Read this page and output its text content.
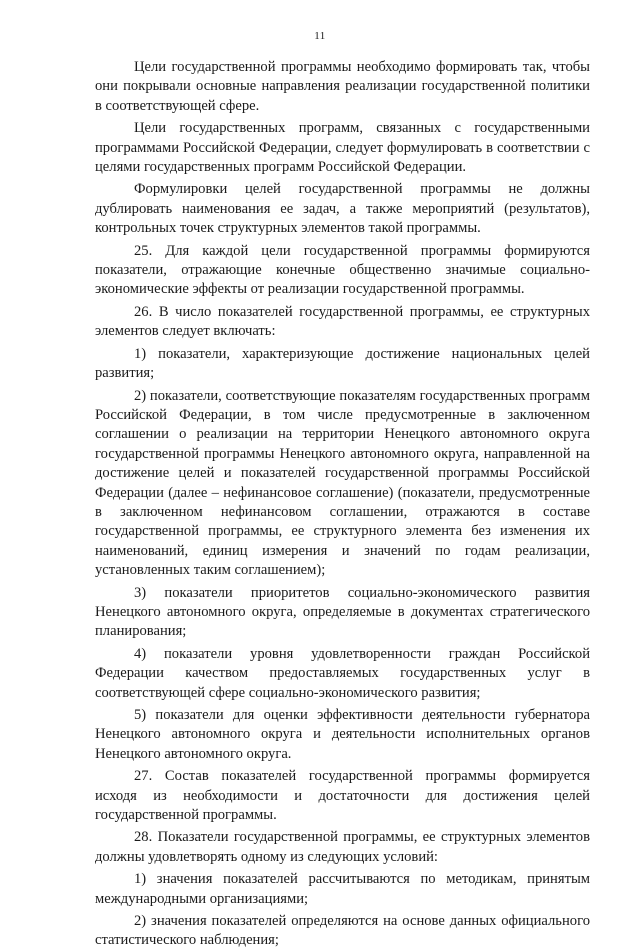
11

Цели государственной программы необходимо формировать так, чтобы они покрывали основные направления реализации государственной политики в соответствующей сфере.

Цели государственных программ, связанных с государственными программами Российской Федерации, следует формулировать в соответствии с целями государственных программ Российской Федерации.

Формулировки целей государственной программы не должны дублировать наименования ее задач, а также мероприятий (результатов), контрольных точек структурных элементов такой программы.

25. Для каждой цели государственной программы формируются показатели, отражающие конечные общественно значимые социально-экономические эффекты от реализации государственной программы.

26. В число показателей государственной программы, ее структурных элементов следует включать:

1) показатели, характеризующие достижение национальных целей развития;

2) показатели, соответствующие показателям государственных программ Российской Федерации, в том числе предусмотренные в заключенном соглашении о реализации на территории Ненецкого автономного округа государственной программы Ненецкого автономного округа, направленной на достижение целей и показателей государственной программы Российской Федерации (далее – нефинансовое соглашение) (показатели, предусмотренные в заключенном нефинансовом соглашении, отражаются в составе государственной программы, ее структурного элемента без изменения их наименований, единиц измерения и значений по годам реализации, установленных таким соглашением);

3) показатели приоритетов социально-экономического развития Ненецкого автономного округа, определяемые в документах стратегического планирования;

4) показатели уровня удовлетворенности граждан Российской Федерации качеством предоставляемых государственных услуг в соответствующей сфере социально-экономического развития;

5) показатели для оценки эффективности деятельности губернатора Ненецкого автономного округа и деятельности исполнительных органов Ненецкого автономного округа.

27. Состав показателей государственной программы формируется исходя из необходимости и достаточности для достижения целей государственной программы.

28. Показатели государственной программы, ее структурных элементов должны удовлетворять одному из следующих условий:

1) значения показателей рассчитываются по методикам, принятым международными организациями;

2) значения показателей определяются на основе данных официального статистического наблюдения;
